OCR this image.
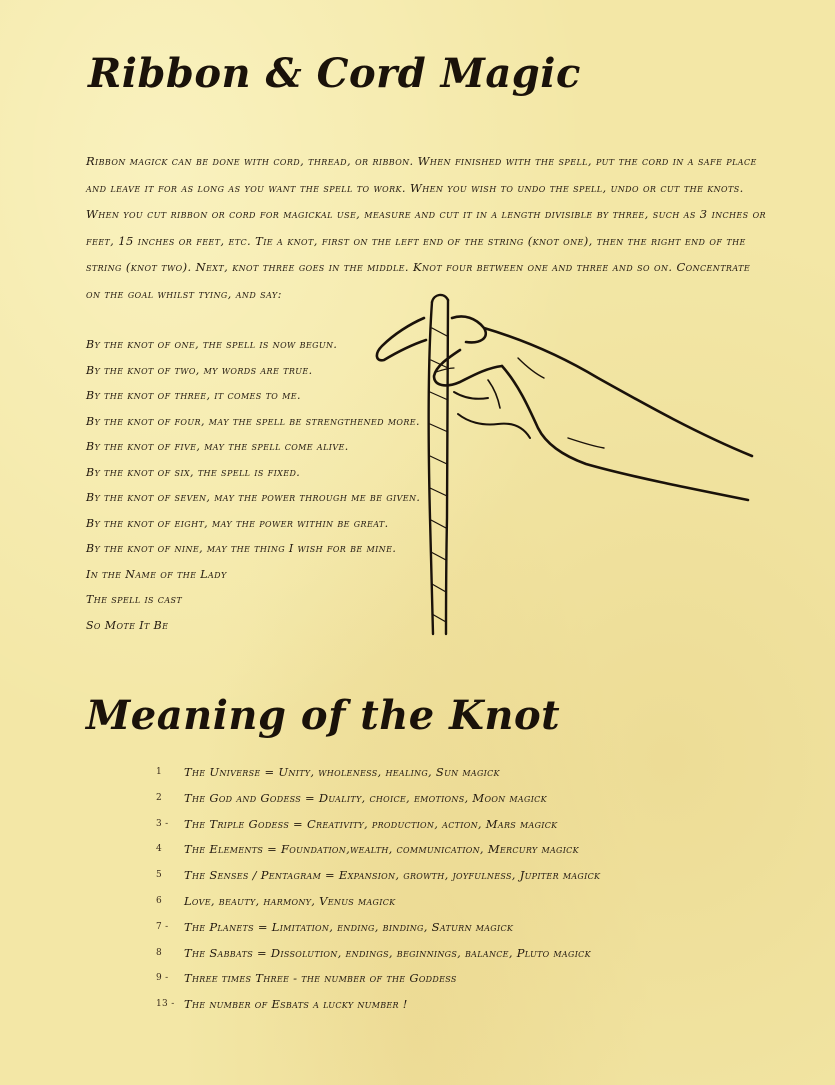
Ribbon & Cord Magic

Ribbon magick can be done with cord, thread, or ribbon. When finished with the spell, put the cord in a safe place and leave it for as long as you want the spell to work. When you wish to undo the spell, undo or cut the knots. When you cut ribbon or cord for magickal use, measure and cut it in a length divisible by three, such as 3 inches or feet, 15 inches or feet, etc. Tie a knot, first on the left end of the string (knot one), then the right end of the string (knot two). Next, knot three goes in the middle. Knot four between one and three and so on. Concentrate on the goal whilst tying, and say:

By the knot of one, the spell is now begun.
By the knot of two, my words are true.
By the knot of three, it comes to me.
By the knot of four, may the spell be strengthened more.
By the knot of five, may the spell come alive.
By the knot of six, the spell is fixed.
By the knot of seven, may the power through me be given.
By the knot of eight, may the power within be great.
By the knot of nine, may the thing I wish for be mine.
In the Name of the Lady
The spell is cast
So Mote It Be
Meaning of the Knot
1	The Universe = Unity, wholeness, healing, Sun magick
2	The God and Godess = Duality, choice, emotions, Moon magick
3 -	The Triple Godess = Creativity, production, action, Mars magick
4	The Elements = Foundation,wealth, communication, Mercury magick
5	The Senses / Pentagram = Expansion, growth, joyfulness, Jupiter magick
6	Love, beauty, harmony, Venus magick
7 -	The Planets = Limitation, ending, binding, Saturn magick
8	The Sabbats = Dissolution, endings, beginnings, balance, Pluto magick
9 -	Three times Three - the number of the Goddess
13 - The number of Esbats a lucky number !
